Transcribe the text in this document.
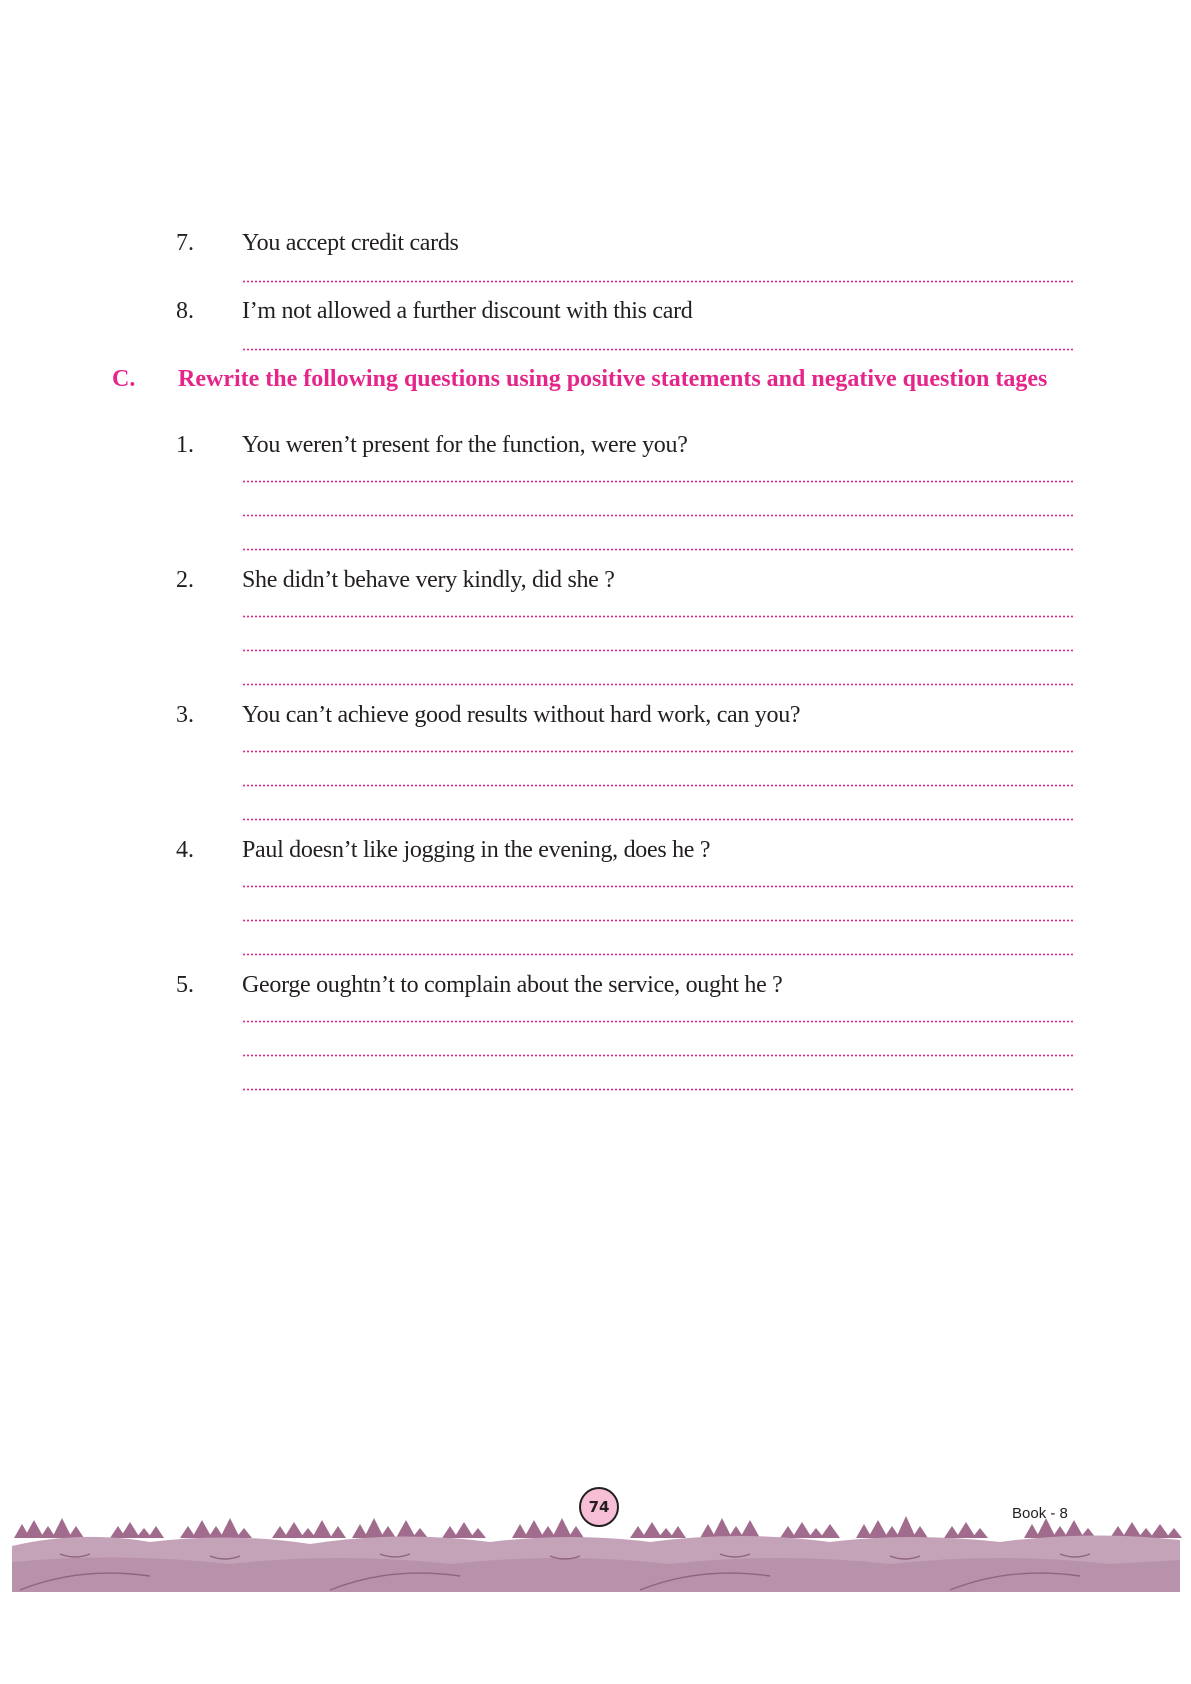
7. You accept credit cards
8. I’m not allowed a further discount with this card
C. Rewrite the following questions using positive statements and negative question tages
1. You weren’t present for the function, were you?
2. She didn’t behave very kindly, did she ?
3. You can’t achieve good results without hard work, can you?
4. Paul doesn’t like jogging in the evening, does he ?
5. George oughtn’t to complain about the service, ought he ?
74	Book - 8
